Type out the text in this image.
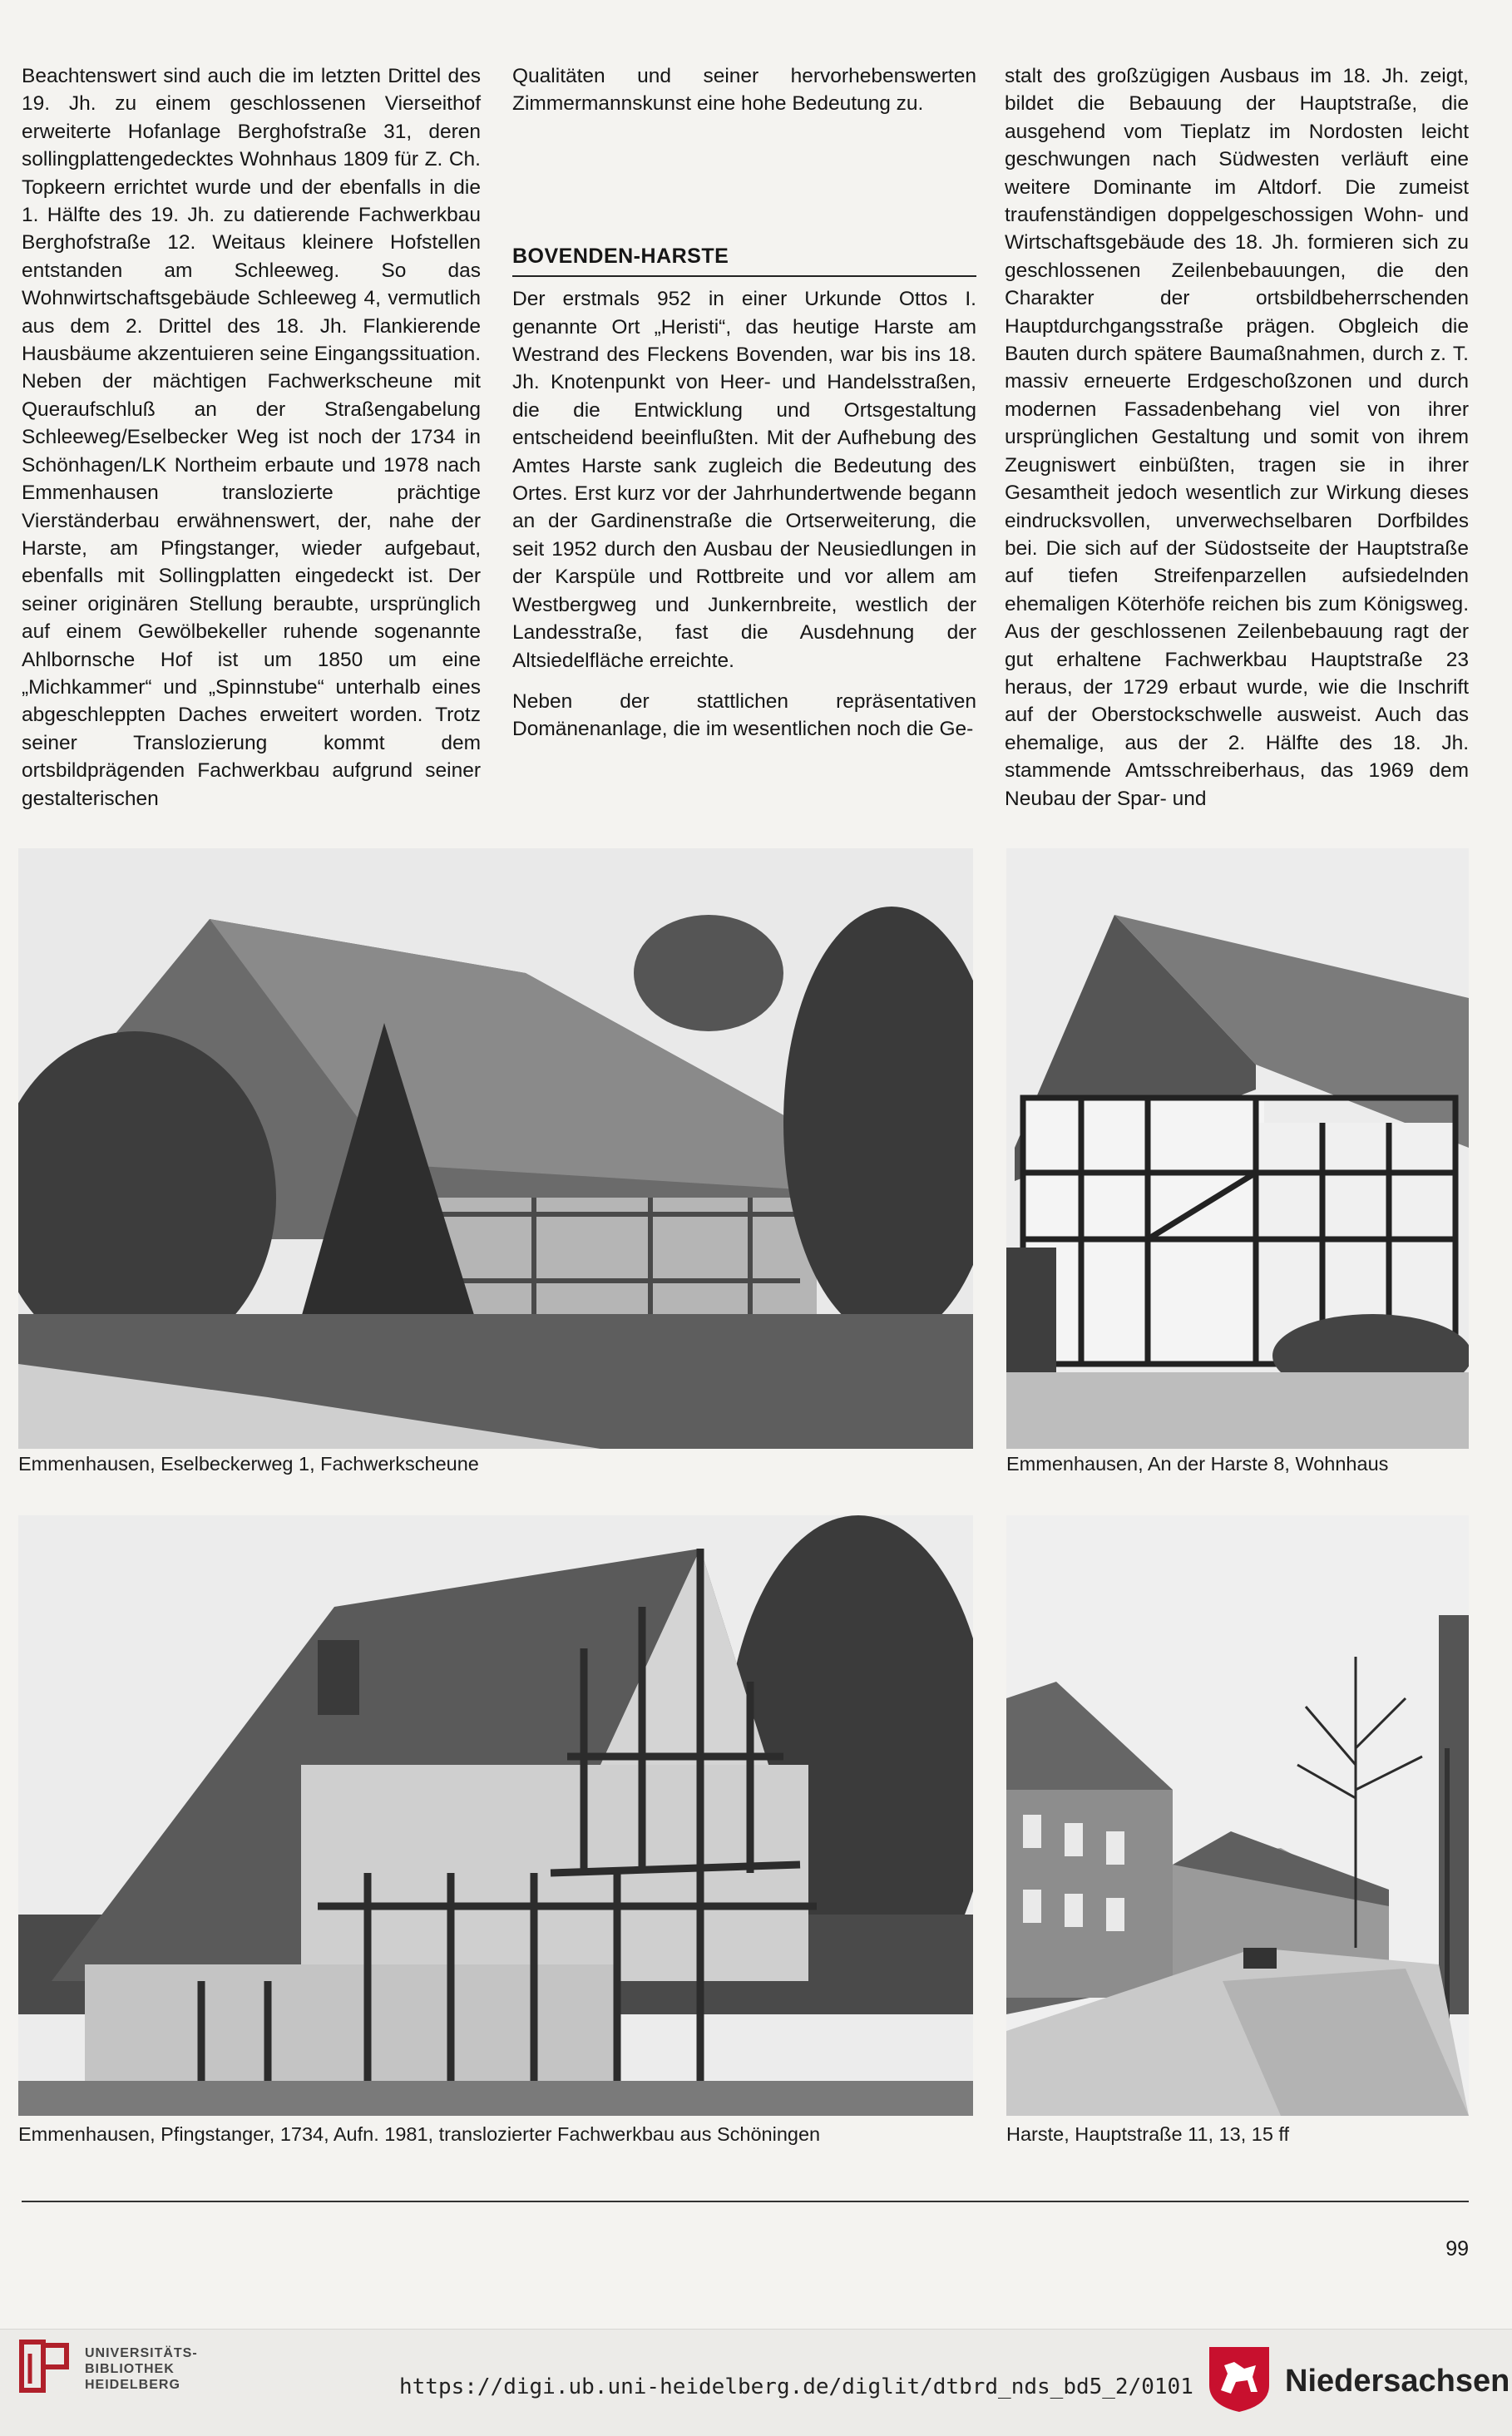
Beachtenswert sind auch die im letzten Drittel des 19. Jh. zu einem geschlossenen Vierseithof erweiterte Hofanlage Berghofstraße 31, deren sollingplattengedecktes Wohnhaus 1809 für Z. Ch. Topkeern errichtet wurde und der ebenfalls in die 1. Hälfte des 19. Jh. zu datierende Fachwerkbau Berghofstraße 12. Weitaus kleinere Hofstellen entstanden am Schleeweg. So das Wohnwirtschaftsgebäude Schleeweg 4, vermutlich aus dem 2. Drittel des 18. Jh. Flankierende Hausbäume akzentuieren seine Eingangssituation. Neben der mächtigen Fachwerkscheune mit Queraufschluß an der Straßengabelung Schleeweg/Eselbecker Weg ist noch der 1734 in Schönhagen/LK Northeim erbaute und 1978 nach Emmenhausen translozierte prächtige Vierständerbau erwähnenswert, der, nahe der Harste, am Pfingstanger, wieder aufgebaut, ebenfalls mit Sollingplatten eingedeckt ist. Der seiner originären Stellung beraubte, ursprünglich auf einem Gewölbekeller ruhende sogenannte Ahlbornsche Hof ist um 1850 um eine „Michkammer“ und „Spinnstube“ unterhalb eines abgeschleppten Daches erweitert worden. Trotz seiner Translozierung kommt dem ortsbildprägenden Fachwerkbau aufgrund seiner gestalterischen

Qualitäten und seiner hervorhebenswerten Zimmermannskunst eine hohe Bedeutung zu.

BOVENDEN-HARSTE

Der erstmals 952 in einer Urkunde Ottos I. genannte Ort „Heristi“, das heutige Harste am Westrand des Fleckens Bovenden, war bis ins 18. Jh. Knotenpunkt von Heer- und Handelsstraßen, die die Entwicklung und Ortsgestaltung entscheidend beeinflußten. Mit der Aufhebung des Amtes Harste sank zugleich die Bedeutung des Ortes. Erst kurz vor der Jahrhundertwende begann an der Gardinenstraße die Ortserweiterung, die seit 1952 durch den Ausbau der Neusiedlungen in der Karspüle und Rottbreite und vor allem am Westbergweg und Junkernbreite, westlich der Landesstraße, fast die Ausdehnung der Altsiedelfläche erreichte.

Neben der stattlichen repräsentativen Domänenanlage, die im wesentlichen noch die Ge-

stalt des großzügigen Ausbaus im 18. Jh. zeigt, bildet die Bebauung der Hauptstraße, die ausgehend vom Tieplatz im Nordosten leicht geschwungen nach Südwesten verläuft eine weitere Dominante im Altdorf. Die zumeist traufenständigen doppelgeschossigen Wohn- und Wirtschaftsgebäude des 18. Jh. formieren sich zu geschlossenen Zeilenbebauungen, die den Charakter der ortsbildbeherrschenden Hauptdurchgangsstraße prägen. Obgleich die Bauten durch spätere Baumaßnahmen, durch z. T. massiv erneuerte Erdgeschoßzonen und durch modernen Fassadenbehang viel von ihrer ursprünglichen Gestaltung und somit von ihrem Zeugniswert einbüßten, tragen sie in ihrer Gesamtheit jedoch wesentlich zur Wirkung dieses eindrucksvollen, unverwechselbaren Dorfbildes bei. Die sich auf der Südostseite der Hauptstraße auf tiefen Streifenparzellen aufsiedelnden ehemaligen Köterhöfe reichen bis zum Königsweg. Aus der geschlossenen Zeilenbebauung ragt der gut erhaltene Fachwerkbau Hauptstraße 23 heraus, der 1729 erbaut wurde, wie die Inschrift auf der Oberstockschwelle ausweist. Auch das ehemalige, aus der 2. Hälfte des 18. Jh. stammende Amtsschreiberhaus, das 1969 dem Neubau der Spar- und

Emmenhausen, Eselbeckerweg 1, Fachwerkscheune	Emmenhausen, An der Harste 8, Wohnhaus
Emmenhausen, Pfingstanger, 1734, Aufn. 1981, translozierter Fachwerkbau aus Schöningen	Harste, Hauptstraße 11, 13, 15 ff
99
UNIVERSITÄTS-
BIBLIOTHEK
HEIDELBERG	https://digi.ub.uni-heidelberg.de/diglit/dtbrd_nds_bd5_2/0101	Niedersachsen
